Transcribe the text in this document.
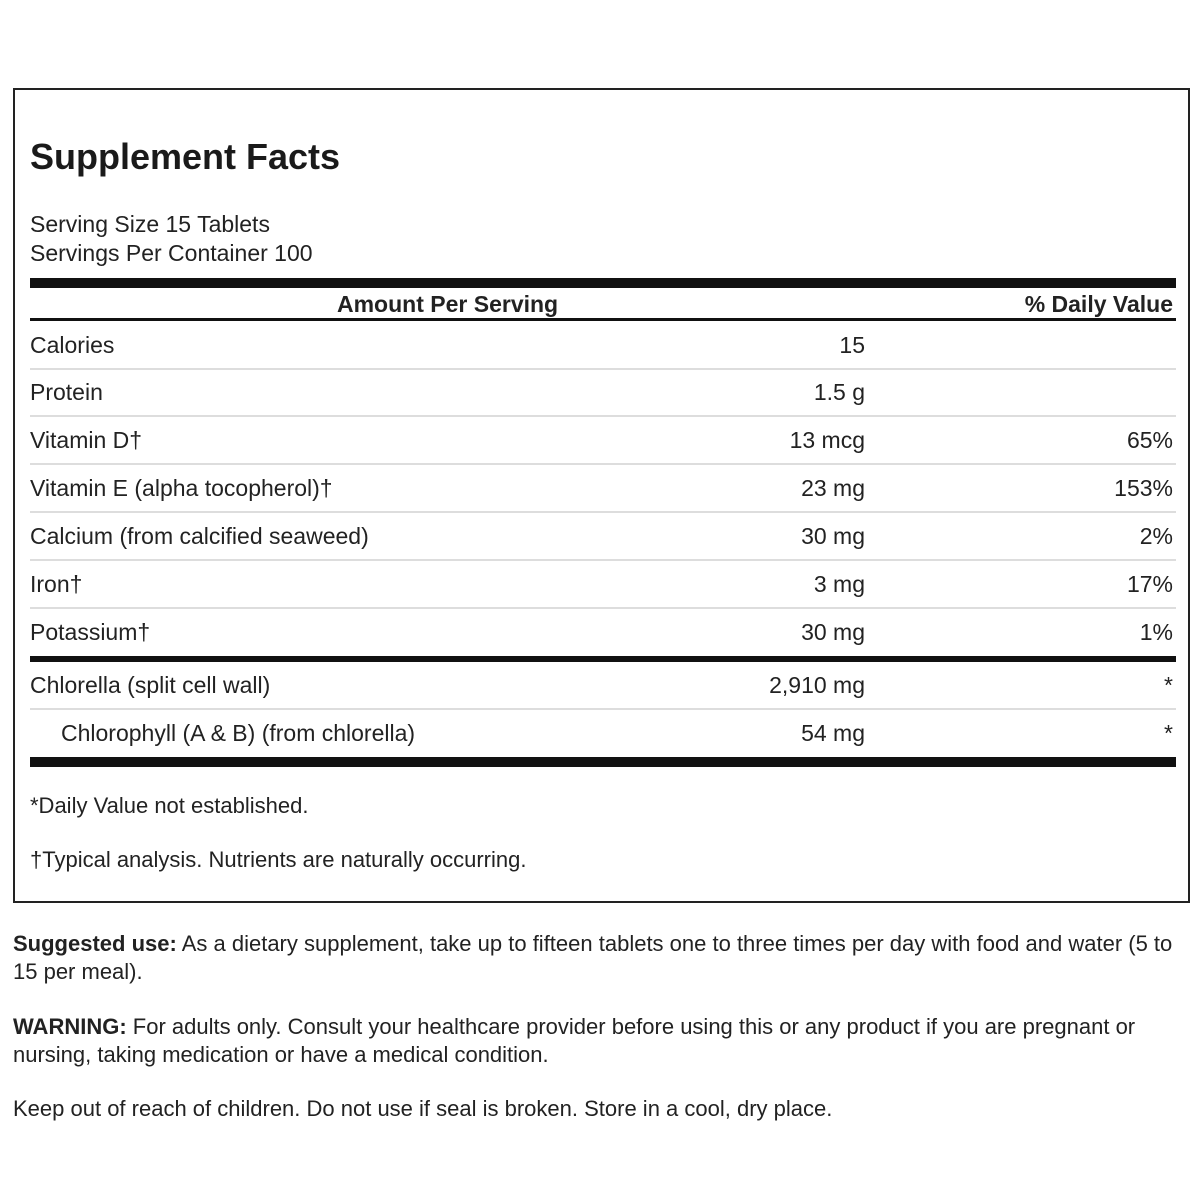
Supplement Facts
Serving Size 15 Tablets
Servings Per Container 100
Amount Per Serving	% Daily Value
Calories	15
Protein	1.5 g
Vitamin D†	13 mcg	65%
Vitamin E (alpha tocopherol)†	23 mg	153%
Calcium (from calcified seaweed)	30 mg	2%
Iron†	3 mg	17%
Potassium†	30 mg	1%
Chlorella (split cell wall)	2,910 mg	*
Chlorophyll (A & B) (from chlorella)	54 mg	*
*Daily Value not established.
†Typical analysis. Nutrients are naturally occurring.
Suggested use: As a dietary supplement, take up to fifteen tablets one to three times per day with food and water (5 to 15 per meal).
WARNING: For adults only. Consult your healthcare provider before using this or any product if you are pregnant or nursing, taking medication or have a medical condition.
Keep out of reach of children. Do not use if seal is broken. Store in a cool, dry place.
